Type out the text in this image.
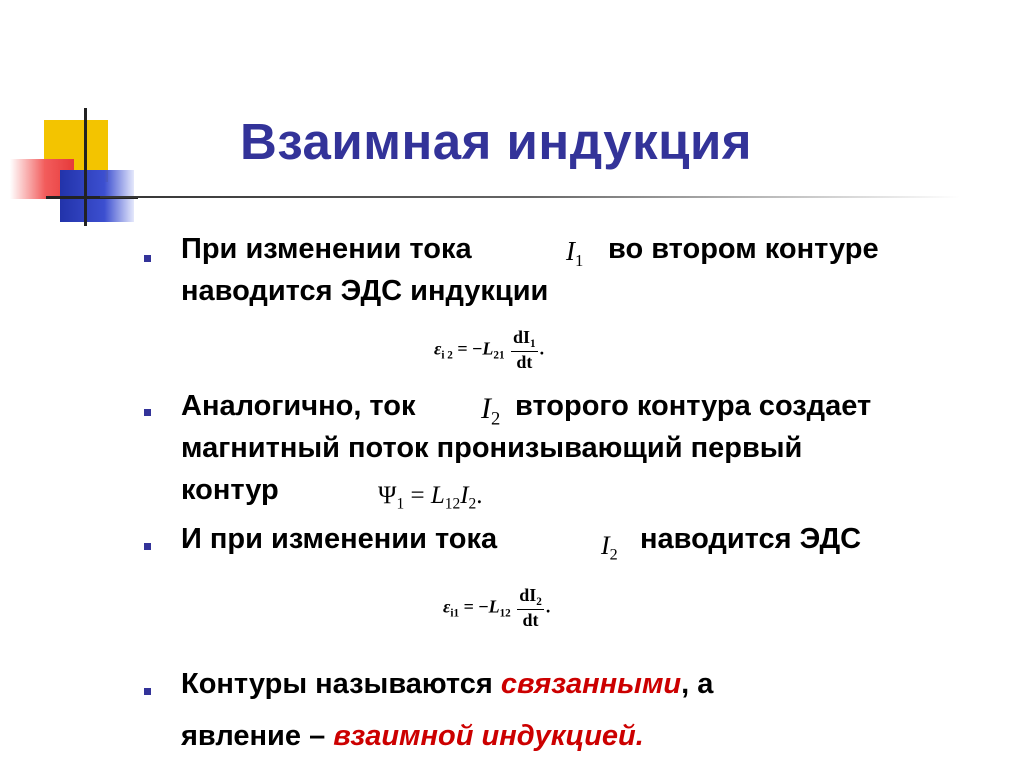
Взаимная индукция

При изменении тока	$I_1$ во втором контуре

наводится ЭДС индукции

$\varepsilon_{i 2} = -L_{21} \frac{dI_1}{dt}$ .

Аналогично, ток $I_2$ второго контура создает

магнитный поток пронизывающий первый

контур	$\Psi_1 = L_{12}I_2$.

И при изменении тока	$I_2$

наводится ЭДС

$\varepsilon_{i1} = -L_{12} \frac{dI_2}{dt}$ .

Контуры называются связанными, а

явление – взаимной индукцией.
